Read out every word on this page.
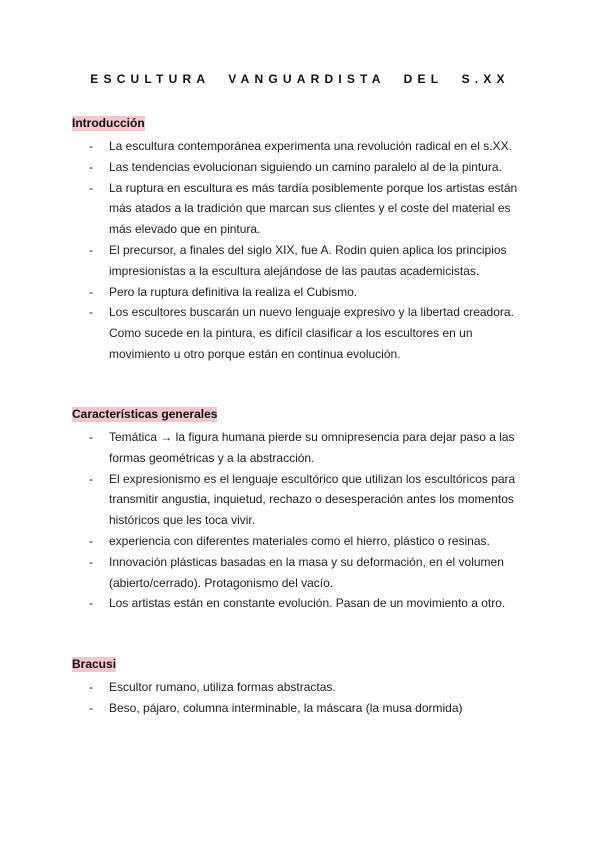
ESCULTURA VANGUARDISTA DEL S.XX
Introducción
- La escultura contemporánea experimenta una revolución radical en el s.XX.
- Las tendencias evolucionan siguiendo un camino paralelo al de la pintura.
- La ruptura en escultura es más tardía posiblemente porque los artistas están más atados a la tradición que marcan sus clientes y el coste del material es más elevado que en pintura.
- El precursor, a finales del siglo XIX, fue A. Rodin quien aplica los principios impresionistas a la escultura alejándose de las pautas academicistas.
- Pero la ruptura definitiva la realiza el Cubismo.
- Los escultores buscarán un nuevo lenguaje expresivo y la libertad creadora. Como sucede en la pintura, es difícil clasificar a los escultores en un movimiento u otro porque están en continua evolución.
Características generales
- Temática → la figura humana pierde su omnipresencia para dejar paso a las formas geométricas y a la abstracción.
- El expresionismo es el lenguaje escultórico que utilizan los escultóricos para transmitir angustia, inquietud, rechazo o desesperación antes los momentos históricos que les toca vivir.
- experiencia con diferentes materiales como el hierro, plástico o resinas.
- Innovación plásticas basadas en la masa y su deformación, en el volumen (abierto/cerrado). Protagonismo del vacío.
- Los artistas están en constante evolución. Pasan de un movimiento a otro.
Bracusi
- Escultor rumano, utiliza formas abstractas.
- Beso, pájaro, columna interminable, la máscara (la musa dormida)
